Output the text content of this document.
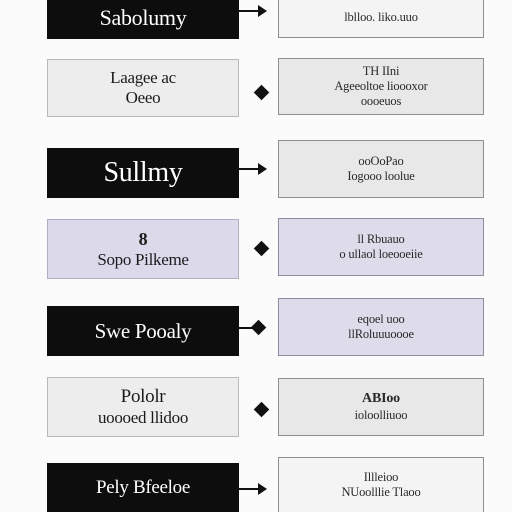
Sabolumy	lblloo. liko.uuo
Laagee ac
Oeeo
TH IIni
Ageeoltoe lioooxor
oooeuos
Sullmy	ooOoPao
Iogooo loolue
8
Sopo Pilkeme
ll Rbuauo
o ullaol loeooeiie
Swe Pooaly	eqoel uoo
llRoluuuoooe
Pololr
uoooed llidoo
ABIoo
ioloolliuoo
Pely Bfeeloe	Illleioo
NUoolllie Tlaoo
